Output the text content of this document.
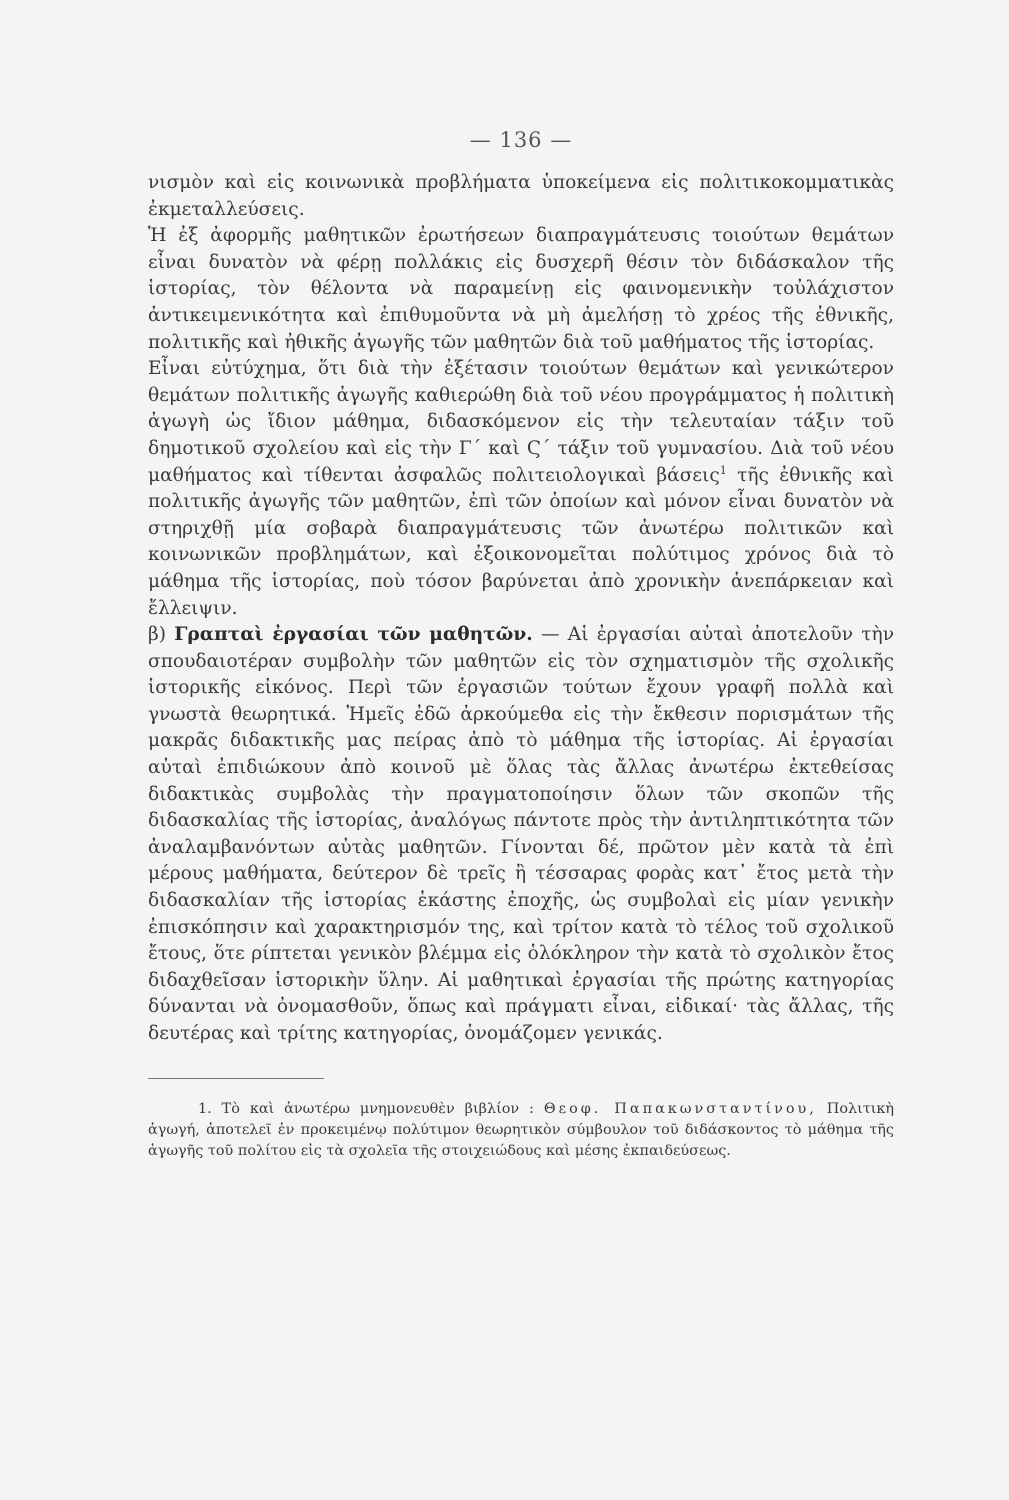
— 136 —

νισμὸν καὶ εἰς κοινωνικὰ προβλήματα ὑποκείμενα εἰς πολιτικοκομματικὰς ἐκμεταλλεύσεις.

Ἡ ἐξ ἀφορμῆς μαθητικῶν ἐρωτήσεων διαπραγμάτευσις τοιούτων θεμάτων εἶναι δυνατὸν νὰ φέρῃ πολλάκις εἰς δυσχερῆ θέσιν τὸν διδάσκαλον τῆς ἱστορίας, τὸν θέλοντα νὰ παραμείνῃ εἰς φαινομενικὴν τοὐλάχιστον ἀντικειμενικότητα καὶ ἐπιθυμοῦντα νὰ μὴ ἀμελήσῃ τὸ χρέος τῆς ἐθνικῆς, πολιτικῆς καὶ ἠθικῆς ἀγωγῆς τῶν μαθητῶν διὰ τοῦ μαθήματος τῆς ἱστορίας.

Εἶναι εὐτύχημα, ὅτι διὰ τὴν ἐξέτασιν τοιούτων θεμάτων καὶ γενικώτερον θεμάτων πολιτικῆς ἀγωγῆς καθιερώθη διὰ τοῦ νέου προγράμματος ἡ πολιτικὴ ἀγωγὴ ὡς ἴδιον μάθημα, διδασκόμενον εἰς τὴν τελευταίαν τάξιν τοῦ δημοτικοῦ σχολείου καὶ εἰς τὴν Γ΄ καὶ Ϛ΄ τάξιν τοῦ γυμνασίου. Διὰ τοῦ νέου μαθήματος καὶ τίθενται ἀσφαλῶς πολιτειολογικαὶ βάσεις$^1$ τῆς ἐθνικῆς καὶ πολιτικῆς ἀγωγῆς τῶν μαθητῶν, ἐπὶ τῶν ὁποίων καὶ μόνον εἶναι δυνατὸν νὰ στηριχθῇ μία σοβαρὰ διαπραγμάτευσις τῶν ἀνωτέρω πολιτικῶν καὶ κοινωνικῶν προβλημάτων, καὶ ἐξοικονομεῖται πολύτιμος χρόνος διὰ τὸ μάθημα τῆς ἱστορίας, ποὺ τόσον βαρύνεται ἀπὸ χρονικὴν ἀνεπάρκειαν καὶ ἔλλειψιν.

β) Γραπταὶ ἐργασίαι τῶν μαθητῶν. — Αἱ ἐργασίαι αὐταὶ ἀποτελοῦν τὴν σπουδαιοτέραν συμβολὴν τῶν μαθητῶν εἰς τὸν σχηματισμὸν τῆς σχολικῆς ἱστορικῆς εἰκόνος. Περὶ τῶν ἐργασιῶν τούτων ἔχουν γραφῆ πολλὰ καὶ γνωστὰ θεωρητικά. Ἡμεῖς ἐδῶ ἀρκούμεθα εἰς τὴν ἔκθεσιν πορισμάτων τῆς μακρᾶς διδακτικῆς μας πείρας ἀπὸ τὸ μάθημα τῆς ἱστορίας. Αἱ ἐργασίαι αὐταὶ ἐπιδιώκουν ἀπὸ κοινοῦ μὲ ὅλας τὰς ἄλλας ἀνωτέρω ἐκτεθείσας διδακτικὰς συμβολὰς τὴν πραγματοποίησιν ὅλων τῶν σκοπῶν τῆς διδασκαλίας τῆς ἱστορίας, ἀναλόγως πάντοτε πρὸς τὴν ἀντιληπτικότητα τῶν ἀναλαμβανόντων αὐτὰς μαθητῶν. Γίνονται δέ, πρῶτον μὲν κατὰ τὰ ἐπὶ μέρους μαθήματα, δεύτερον δὲ τρεῖς ἢ τέσσαρας φορὰς κατ᾿ ἔτος μετὰ τὴν διδασκαλίαν τῆς ἱστορίας ἑκάστης ἐποχῆς, ὡς συμβολαὶ εἰς μίαν γενικὴν ἐπισκόπησιν καὶ χαρακτηρισμόν της, καὶ τρίτον κατὰ τὸ τέλος τοῦ σχολικοῦ ἔτους, ὅτε ρίπτεται γενικὸν βλέμμα εἰς ὁλόκληρον τὴν κατὰ τὸ σχολικὸν ἔτος διδαχθεῖσαν ἱστορικὴν ὕλην. Αἱ μαθητικαὶ ἐργασίαι τῆς πρώτης κατηγορίας δύνανται νὰ ὀνομασθοῦν, ὅπως καὶ πράγματι εἶναι, εἰδικαί· τὰς ἄλλας, τῆς δευτέρας καὶ τρίτης κατηγορίας, ὀνομάζομεν γενικάς.

1. Τὸ καὶ ἀνωτέρω μνημονευθὲν βιβλίον : Θεοφ. Παπακωνσταντίνου, Πολιτικὴ ἀγωγή, ἀποτελεῖ ἐν προκειμένῳ πολύτιμον θεωρητικὸν σύμβουλον τοῦ διδάσκοντος τὸ μάθημα τῆς ἀγωγῆς τοῦ πολίτου εἰς τὰ σχολεῖα τῆς στοιχειώδους καὶ μέσης ἐκπαιδεύσεως.
